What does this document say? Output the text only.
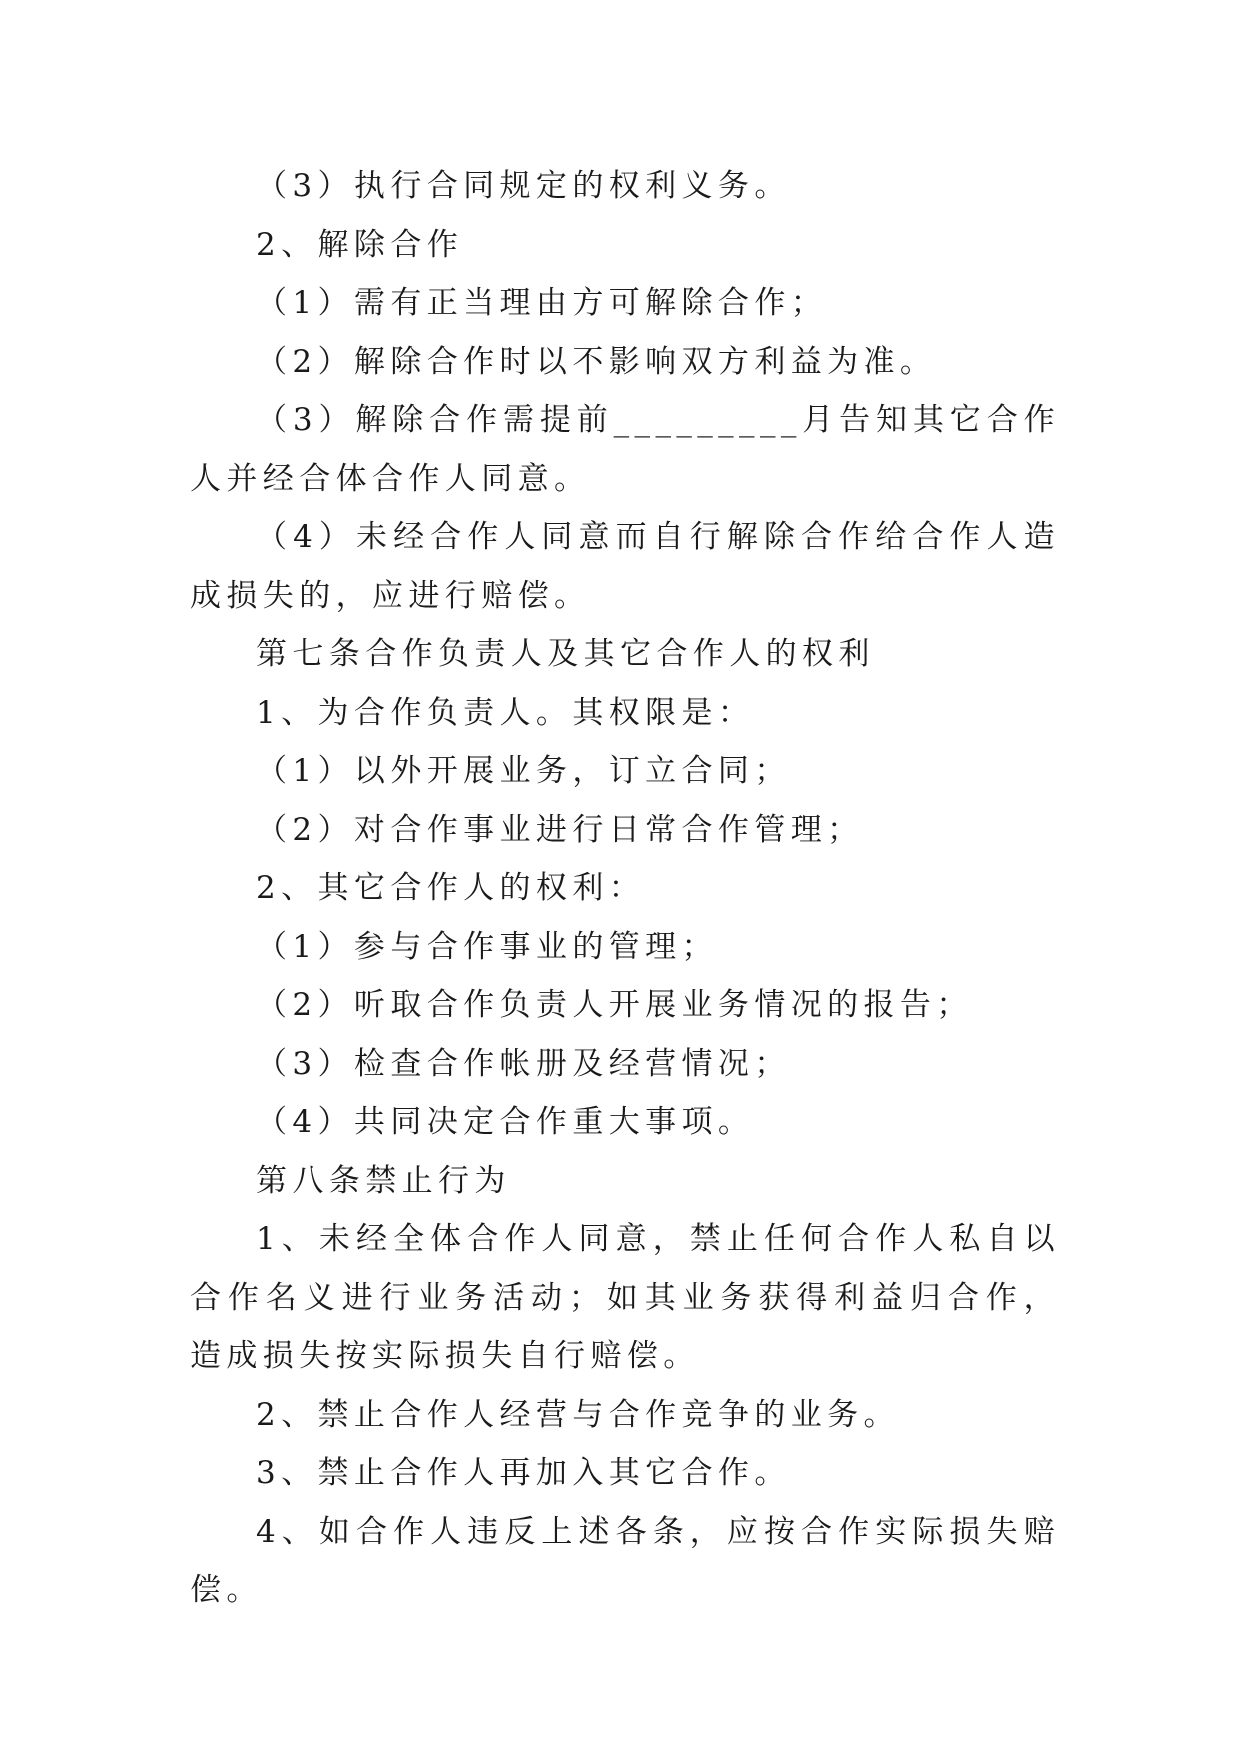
（3）执行合同规定的权利义务。

2、解除合作

（1）需有正当理由方可解除合作；

（2）解除合作时以不影响双方利益为准。

（3）解除合作需提前_________月告知其它合作人并经合体合作人同意。

（4）未经合作人同意而自行解除合作给合作人造成损失的，应进行赔偿。

第七条合作负责人及其它合作人的权利

1、为合作负责人。其权限是：

（1）以外开展业务，订立合同；

（2）对合作事业进行日常合作管理；

2、其它合作人的权利：

（1）参与合作事业的管理；

（2）听取合作负责人开展业务情况的报告；

（3）检查合作帐册及经营情况；

（4）共同决定合作重大事项。

第八条禁止行为

1、未经全体合作人同意，禁止任何合作人私自以合作名义进行业务活动；如其业务获得利益归合作，造成损失按实际损失自行赔偿。

2、禁止合作人经营与合作竞争的业务。

3、禁止合作人再加入其它合作。

4、如合作人违反上述各条，应按合作实际损失赔偿。
